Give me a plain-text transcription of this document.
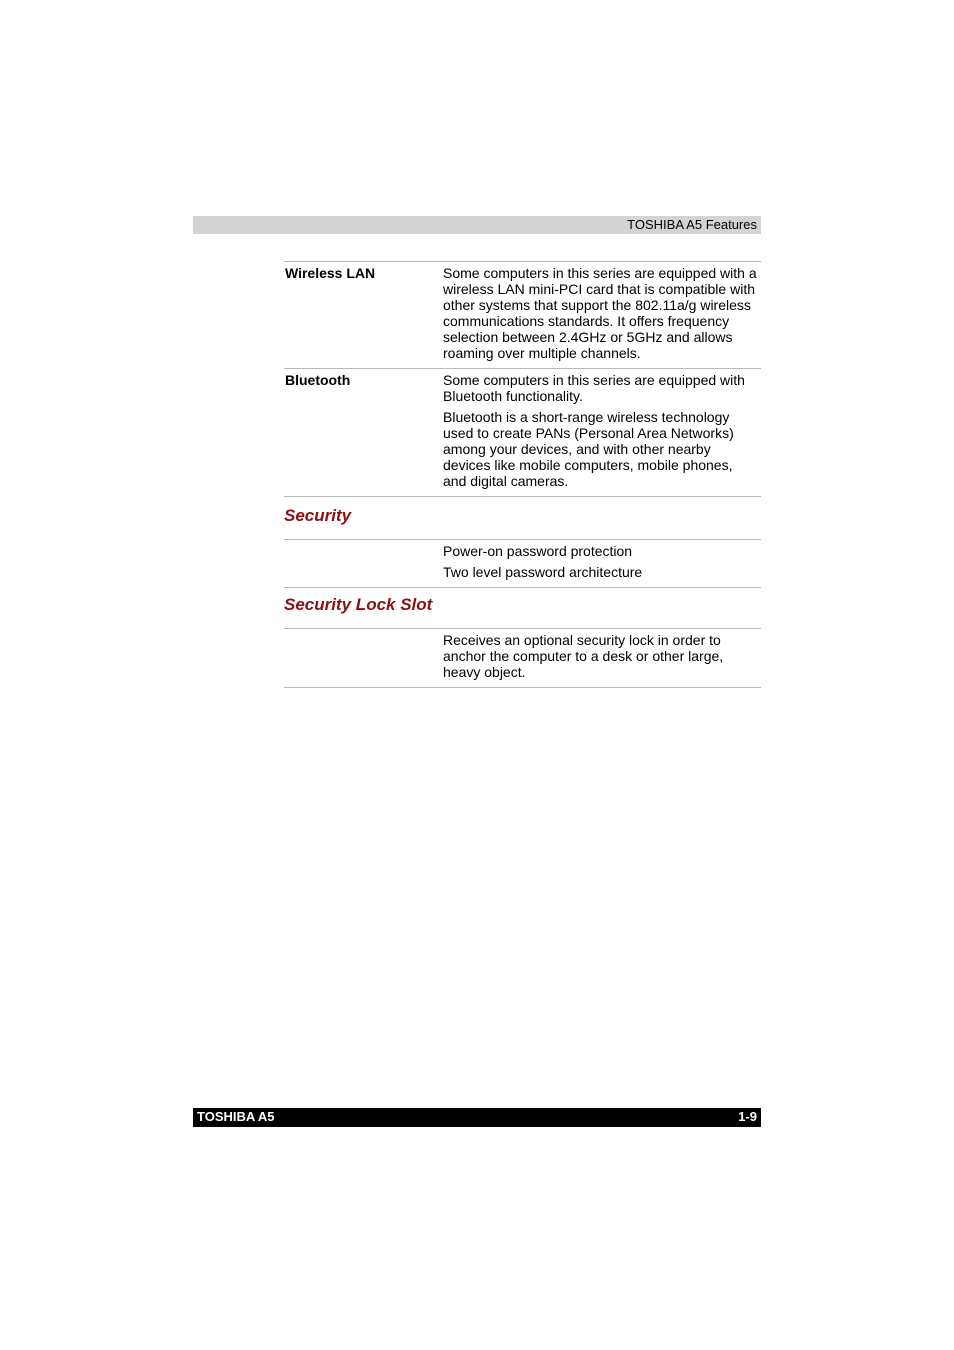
TOSHIBA A5 Features
Wireless LAN	Some computers in this series are equipped with a wireless LAN mini-PCI card that is compatible with other systems that support the 802.11a/g wireless communications standards. It offers frequency selection between 2.4GHz or 5GHz and allows roaming over multiple channels.
Bluetooth	Some computers in this series are equipped with Bluetooth functionality.
Bluetooth is a short-range wireless technology used to create PANs (Personal Area Networks) among your devices, and with other nearby devices like mobile computers, mobile phones, and digital cameras.
Security
Power-on password protection
Two level password architecture
Security Lock Slot
Receives an optional security lock in order to anchor the computer to a desk or other large, heavy object.
TOSHIBA A5	1-9
